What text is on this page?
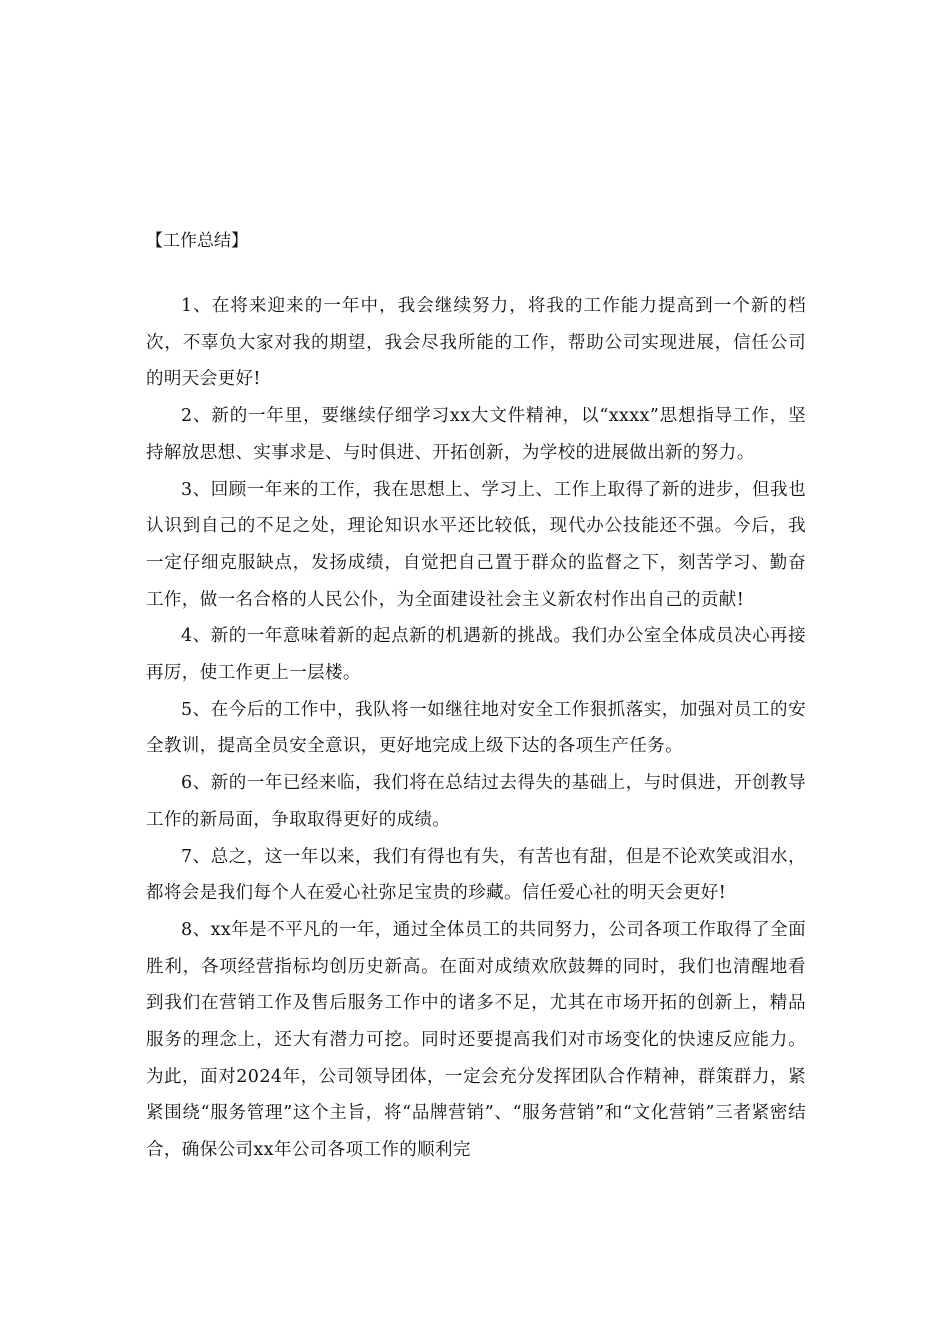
【工作总结】

1、在将来迎来的一年中，我会继续努力，将我的工作能力提高到一个新的档次，不辜负大家对我的期望，我会尽我所能的工作，帮助公司实现进展，信任公司的明天会更好!

2、新的一年里，要继续仔细学习xx大文件精神，以“xxxx”思想指导工作，坚持解放思想、实事求是、与时俱进、开拓创新，为学校的进展做出新的努力。

3、回顾一年来的工作，我在思想上、学习上、工作上取得了新的进步，但我也认识到自己的不足之处，理论知识水平还比较低，现代办公技能还不强。今后，我一定仔细克服缺点，发扬成绩，自觉把自己置于群众的监督之下，刻苦学习、勤奋工作，做一名合格的人民公仆，为全面建设社会主义新农村作出自己的贡献!

4、新的一年意味着新的起点新的机遇新的挑战。我们办公室全体成员决心再接再厉，使工作更上一层楼。

5、在今后的工作中，我队将一如继往地对安全工作狠抓落实，加强对员工的安全教训，提高全员安全意识，更好地完成上级下达的各项生产任务。

6、新的一年已经来临，我们将在总结过去得失的基础上，与时俱进，开创教导工作的新局面，争取取得更好的成绩。

7、总之，这一年以来，我们有得也有失，有苦也有甜，但是不论欢笑或泪水，都将会是我们每个人在爱心社弥足宝贵的珍藏。信任爱心社的明天会更好!

8、xx年是不平凡的一年，通过全体员工的共同努力，公司各项工作取得了全面胜利，各项经营指标均创历史新高。在面对成绩欢欣鼓舞的同时，我们也清醒地看到我们在营销工作及售后服务工作中的诸多不足，尤其在市场开拓的创新上，精品服务的理念上，还大有潜力可挖。同时还要提高我们对市场变化的快速反应能力。为此，面对2024年，公司领导团体，一定会充分发挥团队合作精神，群策群力，紧紧围绕“服务管理”这个主旨，将“品牌营销”、“服务营销”和“文化营销”三者紧密结合，确保公司xx年公司各项工作的顺利完
